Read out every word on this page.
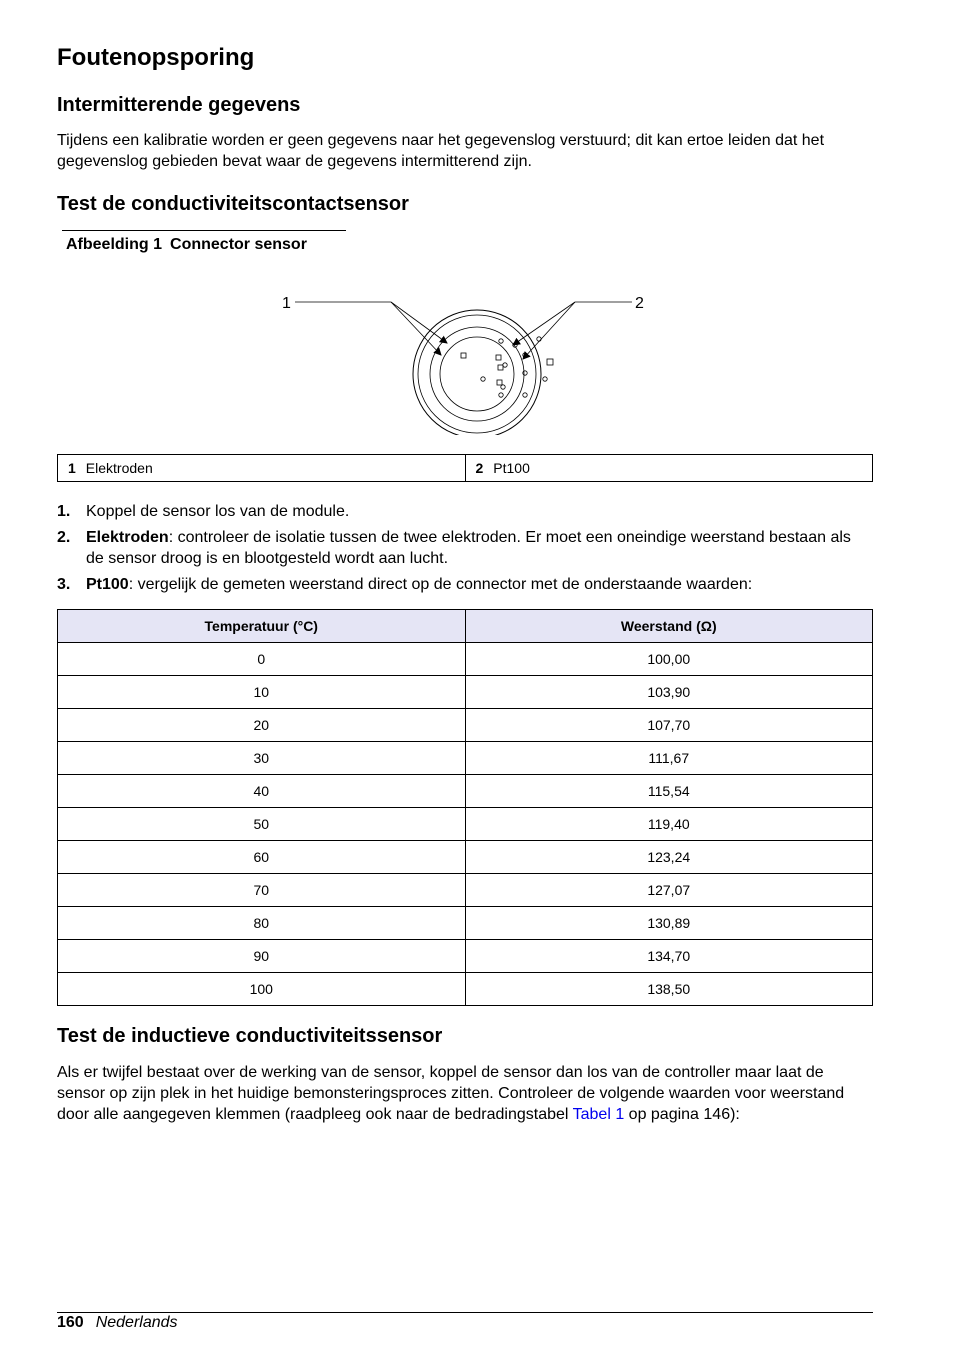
Foutenopsporing
Intermitterende gegevens

Tijdens een kalibratie worden er geen gegevens naar het gegevenslog verstuurd; dit kan ertoe leiden dat het gegevenslog gebieden bevat waar de gegevens intermitterend zijn.

Test de conductiviteitscontactsensor
Afbeelding 1 Connector sensor
1	2
1 Elektroden	2 Pt100
1. Koppel de sensor los van de module.
2. Elektroden: controleer de isolatie tussen de twee elektroden. Er moet een oneindige weerstand bestaan als de sensor droog is en blootgesteld wordt aan lucht.
3. Pt100: vergelijk de gemeten weerstand direct op de connector met de onderstaande waarden:
Temperatuur (°C)	Weerstand (Ω)
0	100,00
10	103,90
20	107,70
30	111,67
40	115,54
50	119,40
60	123,24
70	127,07
80	130,89
90	134,70
100	138,50
Test de inductieve conductiviteitssensor

Als er twijfel bestaat over de werking van de sensor, koppel de sensor dan los van de controller maar laat de sensor op zijn plek in het huidige bemonsteringsproces zitten. Controleer de volgende waarden voor weerstand door alle aangegeven klemmen (raadpleeg ook naar de bedradingstabel Tabel 1 op pagina 146):

160 Nederlands
